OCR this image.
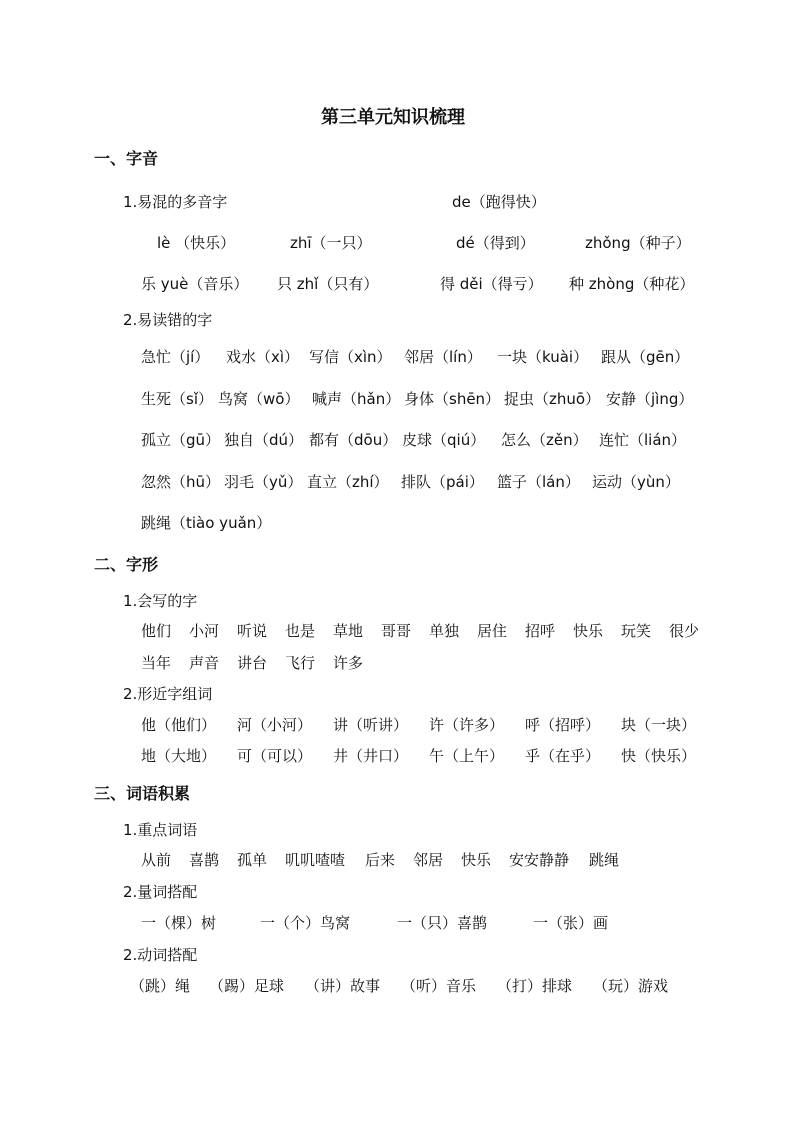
第三单元知识梳理
一、字音
1.易混的多音字	de（跑得快）
lè （快乐）	zhī（一只）	dé（得到）	zhǒng（种子）
乐 yuè（音乐） 只 zhǐ（只有）	得 děi（得亏） 种 zhòng（种花）
2.易读错的字
急忙（jí） 戏水（xì） 写信（xìn） 邻居（lín） 一块（kuài） 跟从（gēn）
生死（sǐ） 鸟窝（wō） 喊声（hǎn） 身体（shēn） 捉虫（zhuō） 安静（jìng）
孤立（gū） 独自（dú） 都有（dōu） 皮球（qiú） 怎么（zěn） 连忙（lián）
忽然（hū） 羽毛（yǔ） 直立（zhí） 排队（pái） 篮子（lán） 运动（yùn）
跳绳（tiào yuǎn）
二、字形
1.会写的字
他们 小河 听说 也是 草地 哥哥 单独 居住 招呼 快乐 玩笑 很少
当年 声音 讲台 飞行 许多
2.形近字组词
他（他们） 河（小河） 讲（听讲） 许（许多） 呼（招呼） 块（一块）
地（大地） 可（可以） 井（井口） 午（上午） 乎（在乎） 快（快乐）
三、词语积累
1.重点词语
从前 喜鹊 孤单 叽叽喳喳 后来 邻居 快乐 安安静静 跳绳
2.量词搭配
一（棵）树	一（个）鸟窝	一（只）喜鹊	一（张）画
2.动词搭配
（跳）绳 （踢）足球 （讲）故事 （听）音乐 （打）排球 （玩）游戏
